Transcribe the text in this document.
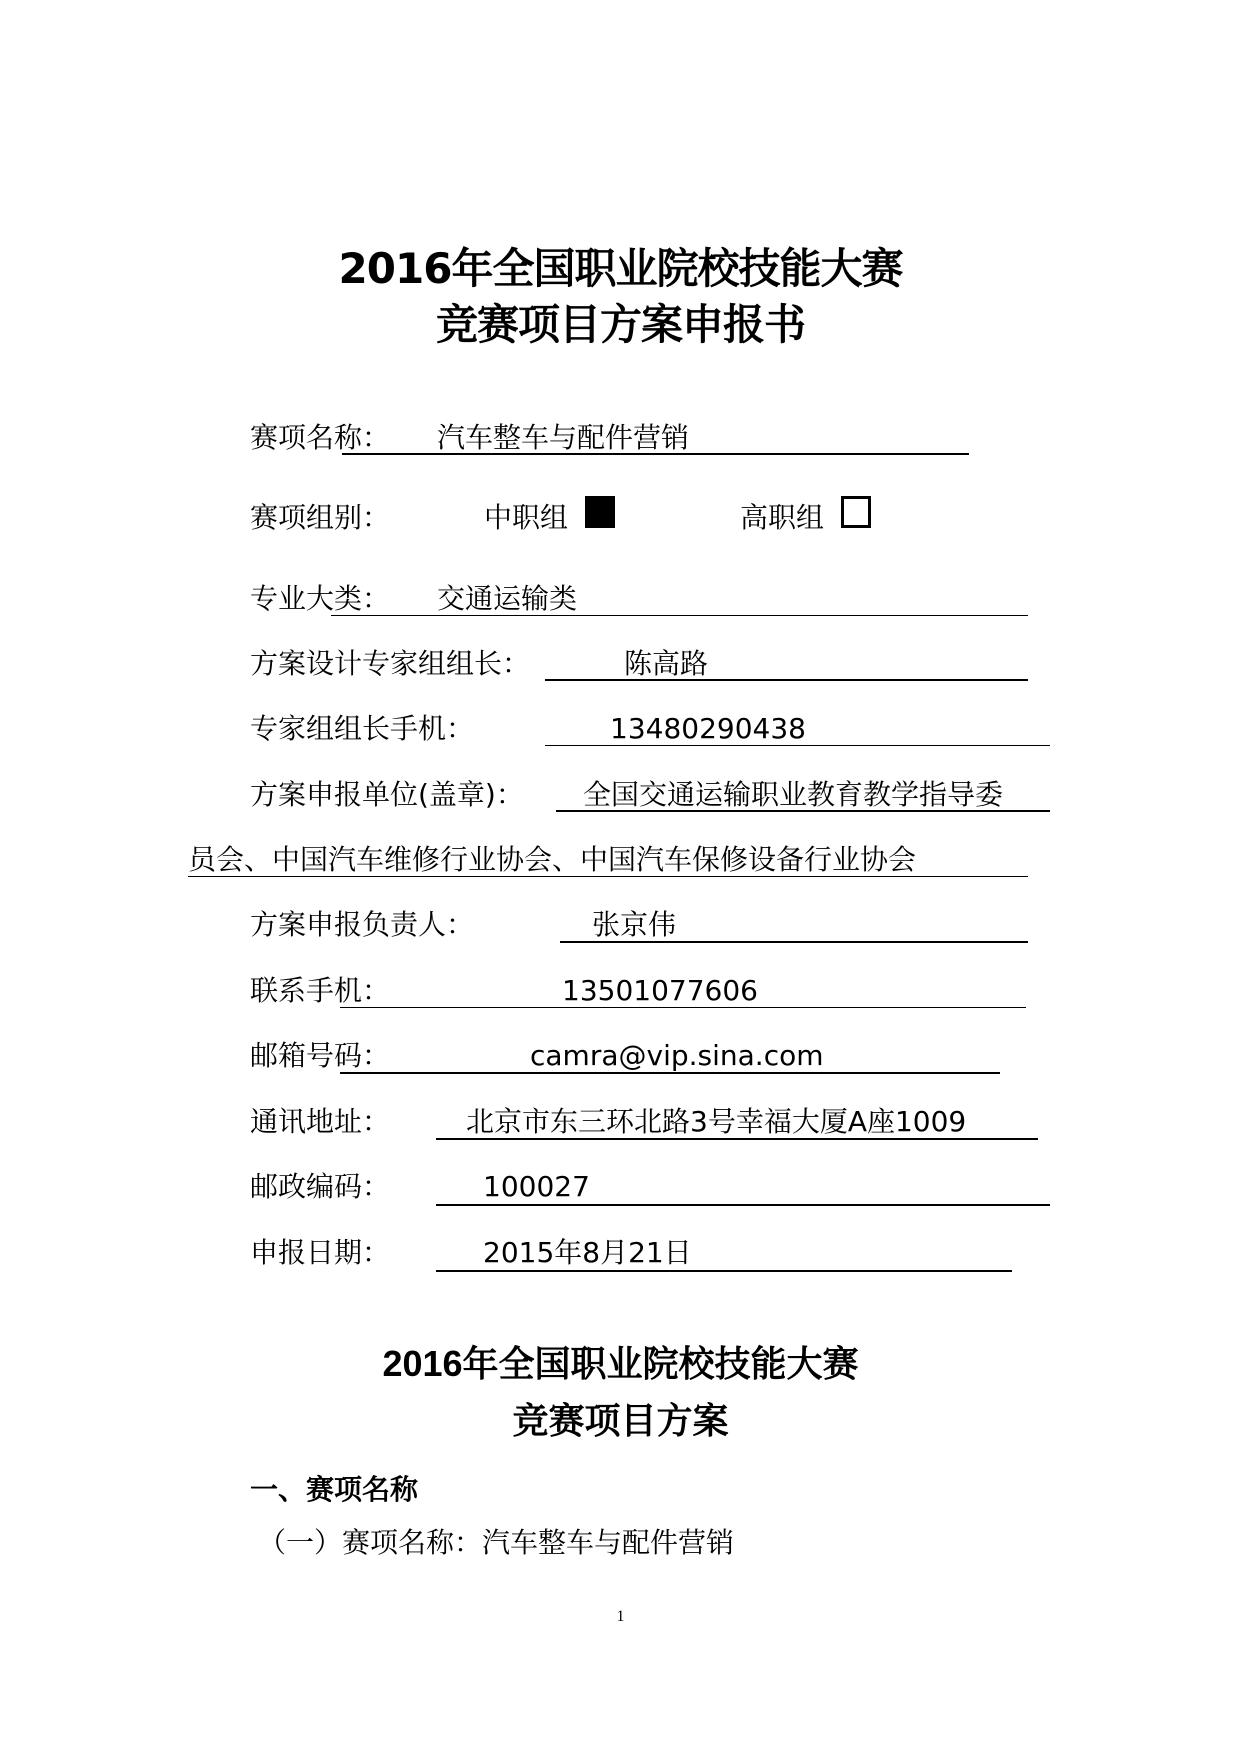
2016年全国职业院校技能大赛
竞赛项目方案申报书
赛项名称： 汽车整车与配件营销
赛项组别：	中职组	高职组
专业大类： 交通运输类
方案设计专家组组长：	陈高路
专家组组长手机：	13480290438
方案申报单位(盖章)： 全国交通运输职业教育教学指导委
员会、中国汽车维修行业协会、中国汽车保修设备行业协会
方案申报负责人：	张京伟
联系手机：	13501077606
邮箱号码：	camra@vip.sina.com
通讯地址：	北京市东三环北路3号幸福大厦A座1009
邮政编码：	100027
申报日期：	2015年8月21日
2016年全国职业院校技能大赛
竞赛项目方案
一、赛项名称
（一）赛项名称：汽车整车与配件营销
1
